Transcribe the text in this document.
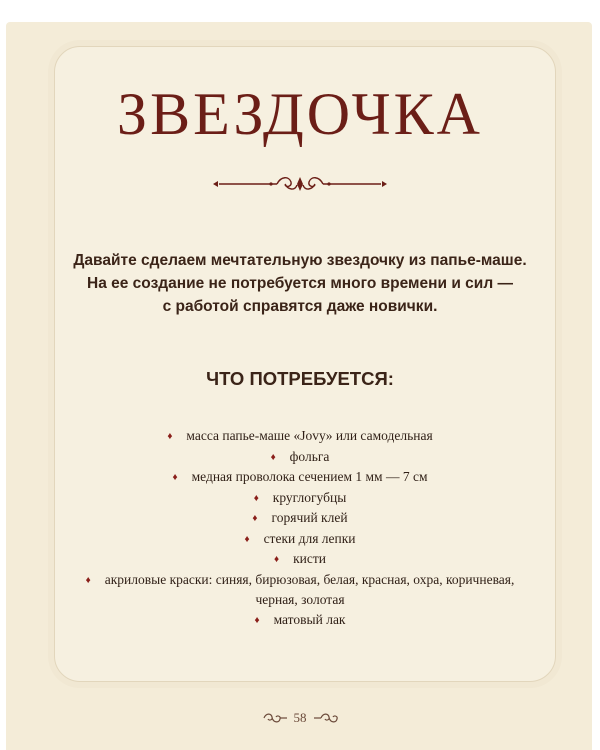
ЗВЕЗДОЧКА

Давайте сделаем мечтательную звездочку из папье-маше.
На ее создание не потребуется много времени и сил —
с работой справятся даже новички.

ЧТО ПОТРЕБУЕТСЯ:
♦ масса папье-маше «Jovy» или самодельная
♦ фольга
♦ медная проволока сечением 1 мм — 7 см
♦ круглогубцы
♦ горячий клей
♦ стеки для лепки
♦ кисти
♦ акриловые краски: синяя, бирюзовая, белая, красная, охра, коричневая,
черная, золотая
♦ матовый лак
58
